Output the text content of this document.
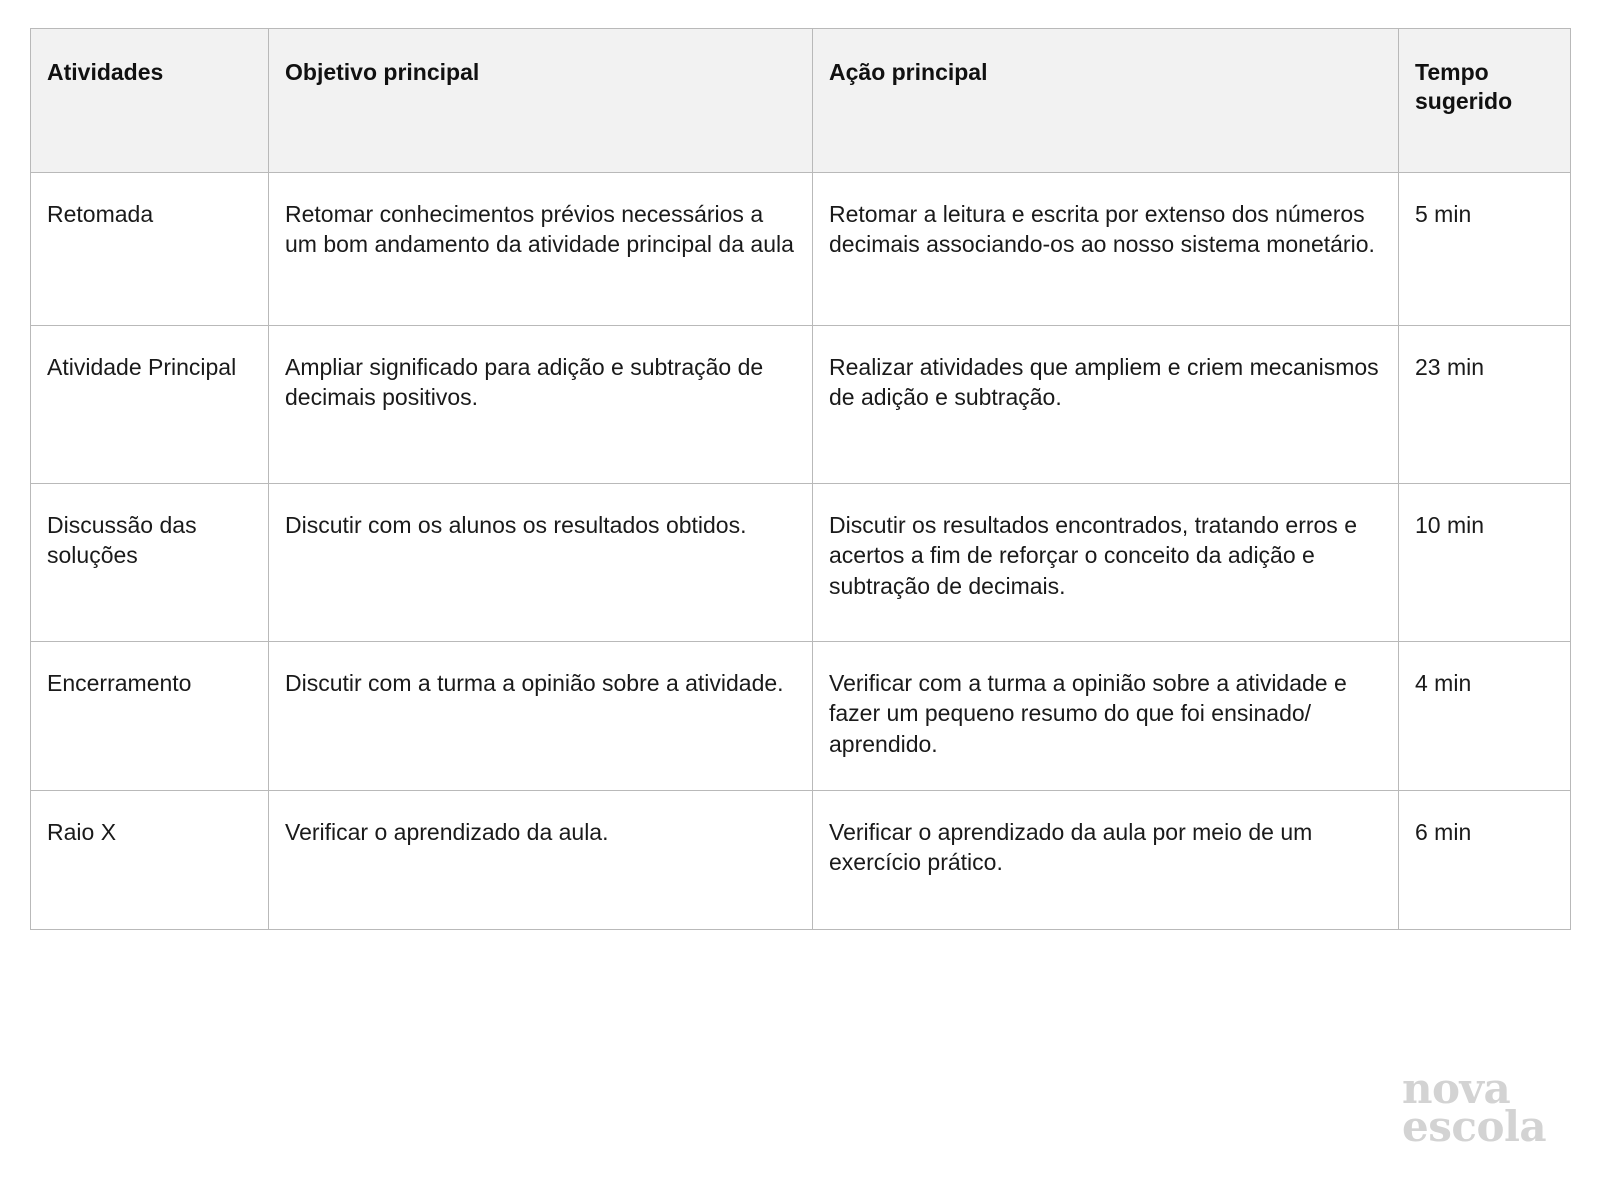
Atividades	Objetivo principal	Ação principal	Tempo sugerido
Retomada	Retomar conhecimentos prévios necessários a um bom andamento da atividade principal da aula	Retomar a leitura e escrita por extenso dos números decimais associando-os ao nosso sistema monetário.	5 min
Atividade Principal	Ampliar significado para adição e subtração de decimais positivos.	Realizar atividades que ampliem e criem mecanismos de adição e subtração.	23 min
Discussão das soluções	Discutir com os alunos os resultados obtidos.	Discutir os resultados encontrados, tratando erros e acertos a fim de reforçar o conceito da adição e subtração de decimais.	10 min
Encerramento	Discutir com a turma a opinião sobre a atividade.	Verificar com a turma a opinião sobre a atividade e fazer um pequeno resumo do que foi ensinado/ aprendido.	4 min
Raio X	Verificar o aprendizado da aula.	Verificar o aprendizado da aula por meio de um exercício prático.	6 min
nova
escola
